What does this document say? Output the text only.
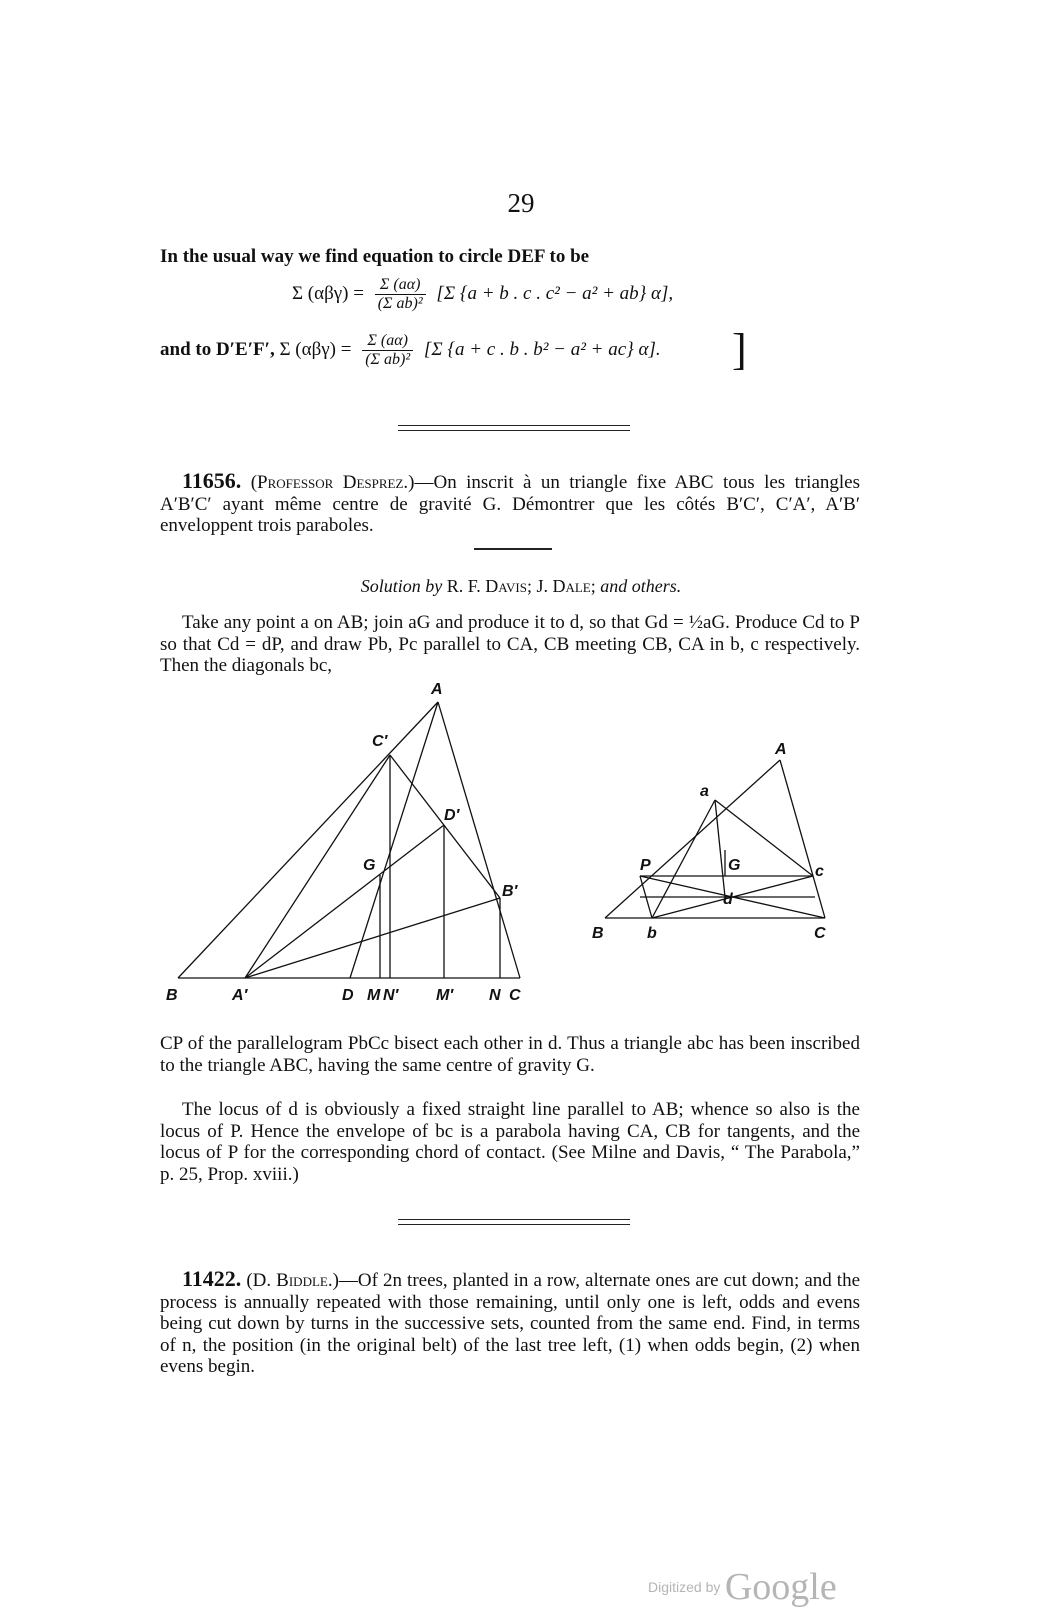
29
In the usual way we find equation to circle DEF to be
Σ $(\alpha\beta\gamma) = \frac{\Sigma (a\alpha)}{\text{(Σ ab)²}} [\Sigma$ {a + b . c . c² − a² + ab} α],
and to D′E′F′, Σ $(\alpha\beta\gamma) = \frac{\Sigma (a\alpha)}{\text{(Σ ab)²}} [\Sigma$ {a + c . b . b² − a² + ac} α]. ]
11656. (Professor Desprez.)—On inscrit à un triangle fixe ABC tous les triangles A′B′C′ ayant même centre de gravité G. Démontrer que les côtés B′C′, C′A′, A′B′ enveloppent trois paraboles.
Solution by R. F. Davis; J. Dale; and others.
Take any point a on AB; join aG and produce it to d, so that Gd = ½aG. Produce Cd to P so that Cd = dP, and draw Pb, Pc parallel to CA, CB meeting CB, CA in b, c respectively. Then the diagonals bc,
A
C′
D′
G
B′
B	A′	D M N′ M′ N C
A
a
P	G	c
d
B	b	C
CP of the parallelogram PbCc bisect each other in d. Thus a triangle abc has been inscribed to the triangle ABC, having the same centre of gravity G.
The locus of d is obviously a fixed straight line parallel to AB; whence so also is the locus of P. Hence the envelope of bc is a parabola having CA, CB for tangents, and the locus of P for the corresponding chord of contact. (See Milne and Davis, “ The Parabola,” p. 25, Prop. xviii.)
11422. (D. Biddle.)—Of 2n trees, planted in a row, alternate ones are cut down; and the process is annually repeated with those remaining, until only one is left, odds and evens being cut down by turns in the successive sets, counted from the same end. Find, in terms of n, the position (in the original belt) of the last tree left, (1) when odds begin, (2) when evens begin.
Digitized by Google
